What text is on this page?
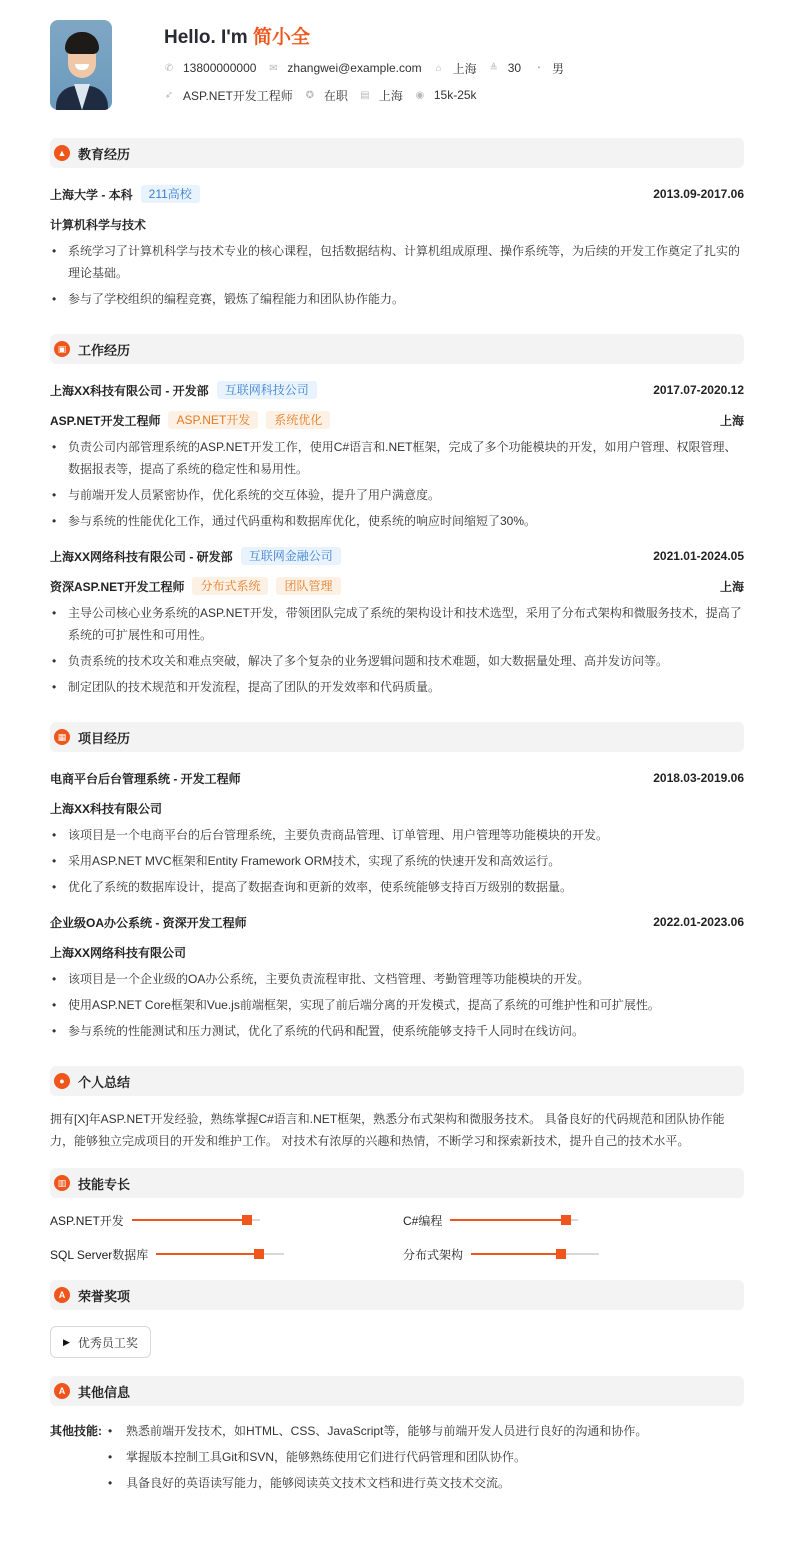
Hello. I'm 简小全
✆ 13800000000 ✉ zhangwei@example.com ⌂ 上海 ≜ 30 ◔ 男
➶ ASP.NET开发工程师 ✪ 在职 ▤ 上海 ◉ 15k-25k
▲ 教育经历
上海大学 - 本科	211高校	2013.09-2017.06
计算机科学与技术
• 系统学习了计算机科学与技术专业的核心课程，包括数据结构、计算机组成原理、操作系统等，为后续的开发工作奠定了扎实的理论基础。
• 参与了学校组织的编程竞赛，锻炼了编程能力和团队协作能力。
▣ 工作经历
上海XX科技有限公司 - 开发部	互联网科技公司	2017.07-2020.12
ASP.NET开发工程师	ASP.NET开发	系统优化	上海
• 负责公司内部管理系统的ASP.NET开发工作，使用C#语言和.NET框架，完成了多个功能模块的开发，如用户管理、权限管理、数据报表等，提高了系统的稳定性和易用性。
• 与前端开发人员紧密协作，优化系统的交互体验，提升了用户满意度。
• 参与系统的性能优化工作，通过代码重构和数据库优化，使系统的响应时间缩短了30%。
上海XX网络科技有限公司 - 研发部	互联网金融公司	2021.01-2024.05
资深ASP.NET开发工程师	分布式系统	团队管理	上海
• 主导公司核心业务系统的ASP.NET开发，带领团队完成了系统的架构设计和技术选型，采用了分布式架构和微服务技术，提高了系统的可扩展性和可用性。
• 负责系统的技术攻关和难点突破，解决了多个复杂的业务逻辑问题和技术难题，如大数据量处理、高并发访问等。
• 制定团队的技术规范和开发流程，提高了团队的开发效率和代码质量。
▦ 项目经历
电商平台后台管理系统 - 开发工程师	2018.03-2019.06
上海XX科技有限公司
• 该项目是一个电商平台的后台管理系统，主要负责商品管理、订单管理、用户管理等功能模块的开发。
• 采用ASP.NET MVC框架和Entity Framework ORM技术，实现了系统的快速开发和高效运行。
• 优化了系统的数据库设计，提高了数据查询和更新的效率，使系统能够支持百万级别的数据量。
企业级OA办公系统 - 资深开发工程师	2022.01-2023.06
上海XX网络科技有限公司
• 该项目是一个企业级的OA办公系统，主要负责流程审批、文档管理、考勤管理等功能模块的开发。
• 使用ASP.NET Core框架和Vue.js前端框架，实现了前后端分离的开发模式，提高了系统的可维护性和可扩展性。
• 参与系统的性能测试和压力测试，优化了系统的代码和配置，使系统能够支持千人同时在线访问。
●	个人总结
拥有[X]年ASP.NET开发经验，熟练掌握C#语言和.NET框架，熟悉分布式架构和微服务技术。 具备良好的代码规范和团队协作能力，能够独立完成项目的开发和维护工作。 对技术有浓厚的兴趣和热情，不断学习和探索新技术，提升自己的技术水平。
▥ 技能专长
ASP.NET开发	C#编程
SQL Server数据库	分布式架构
A 荣誉奖项
▶ 优秀员工奖
A 其他信息
其他技能:	• 熟悉前端开发技术，如HTML、CSS、JavaScript等，能够与前端开发人员进行良好的沟通和协作。
• 掌握版本控制工具Git和SVN，能够熟练使用它们进行代码管理和团队协作。
• 具备良好的英语读写能力，能够阅读英文技术文档和进行英文技术交流。
